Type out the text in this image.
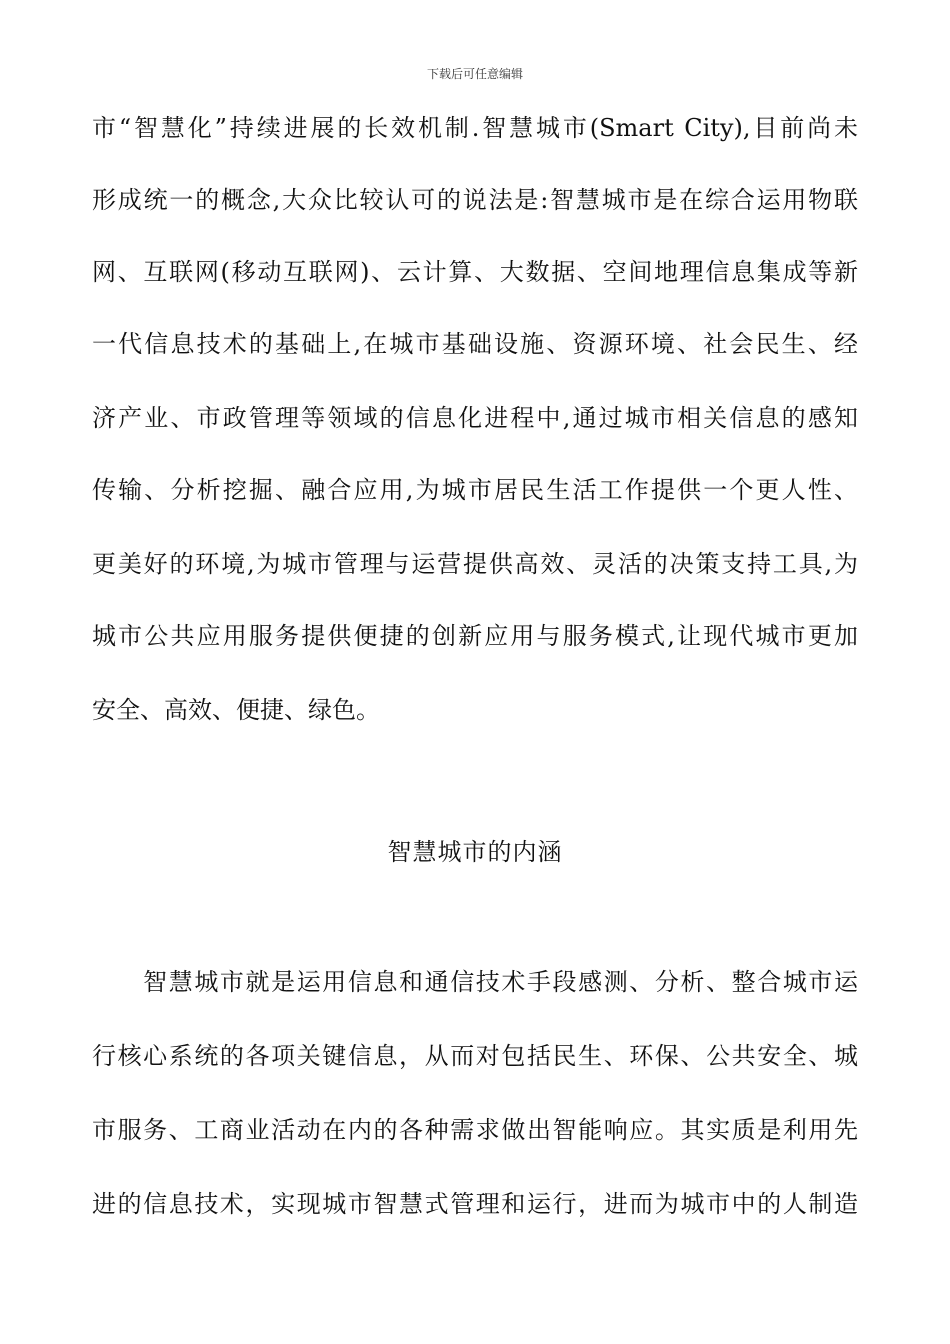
下载后可任意编辑
市“智慧化”持续进展的长效机制.智慧城市(Smart City),目前尚未
形成统一的概念,大众比较认可的说法是:智慧城市是在综合运用物联
网、互联网(移动互联网)、云计算、大数据、空间地理信息集成等新
一代信息技术的基础上,在城市基础设施、资源环境、社会民生、经
济产业、市政管理等领域的信息化进程中,通过城市相关信息的感知
传输、分析挖掘、融合应用,为城市居民生活工作提供一个更人性、
更美好的环境,为城市管理与运营提供高效、灵活的决策支持工具,为
城市公共应用服务提供便捷的创新应用与服务模式,让现代城市更加
安全、高效、便捷、绿色。
智慧城市的内涵
　　智慧城市就是运用信息和通信技术手段感测、分析、整合城市运
行核心系统的各项关键信息，从而对包括民生、环保、公共安全、城
市服务、工商业活动在内的各种需求做出智能响应。其实质是利用先
进的信息技术，实现城市智慧式管理和运行，进而为城市中的人制造
